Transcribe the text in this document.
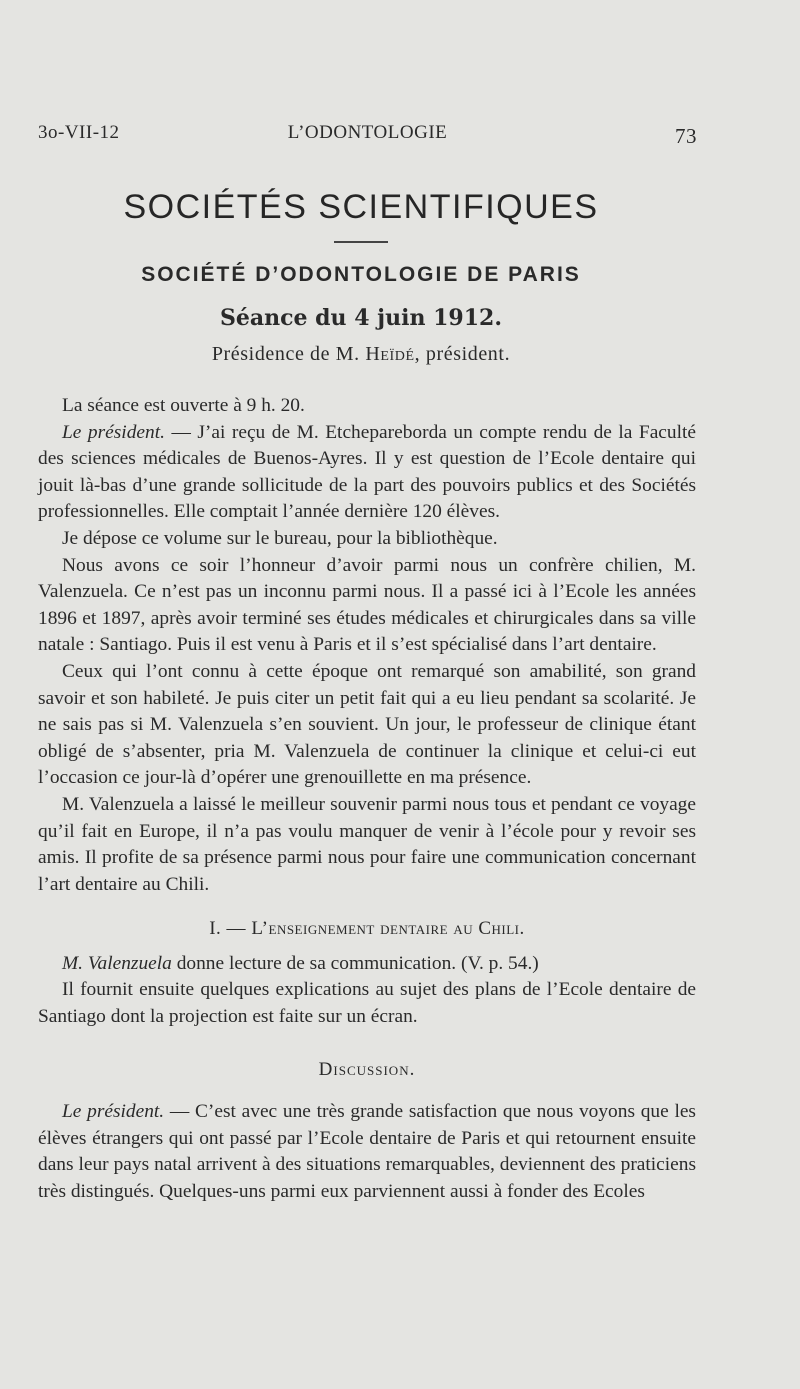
3o-VII-12	L’ODONTOLOGIE	73
SOCIÉTÉS SCIENTIFIQUES
SOCIÉTÉ D’ODONTOLOGIE DE PARIS
Séance du 4 juin 1912.
Présidence de M. Heïdé, président.

La séance est ouverte à 9 h. 20.

Le président. — J’ai reçu de M. Etchepareborda un compte rendu de la Faculté des sciences médicales de Buenos-Ayres. Il y est question de l’Ecole dentaire qui jouit là-bas d’une grande sollicitude de la part des pouvoirs publics et des Sociétés professionnelles. Elle comptait l’année dernière 120 élèves.

Je dépose ce volume sur le bureau, pour la bibliothèque.

Nous avons ce soir l’honneur d’avoir parmi nous un confrère chilien, M. Valenzuela. Ce n’est pas un inconnu parmi nous. Il a passé ici à l’Ecole les années 1896 et 1897, après avoir terminé ses études médicales et chirurgicales dans sa ville natale : Santiago. Puis il est venu à Paris et il s’est spécialisé dans l’art dentaire.

Ceux qui l’ont connu à cette époque ont remarqué son amabilité, son grand savoir et son habileté. Je puis citer un petit fait qui a eu lieu pendant sa scolarité. Je ne sais pas si M. Valenzuela s’en souvient. Un jour, le professeur de clinique étant obligé de s’absenter, pria M. Valenzuela de continuer la clinique et celui-ci eut l’occasion ce jour-là d’opérer une grenouillette en ma présence.

M. Valenzuela a laissé le meilleur souvenir parmi nous tous et pendant ce voyage qu’il fait en Europe, il n’a pas voulu manquer de venir à l’école pour y revoir ses amis. Il profite de sa présence parmi nous pour faire une communication concernant l’art dentaire au Chili.

I. — L’enseignement dentaire au Chili.

M. Valenzuela donne lecture de sa communication. (V. p. 54.)

Il fournit ensuite quelques explications au sujet des plans de l’Ecole dentaire de Santiago dont la projection est faite sur un écran.

Discussion.

Le président. — C’est avec une très grande satisfaction que nous voyons que les élèves étrangers qui ont passé par l’Ecole dentaire de Paris et qui retournent ensuite dans leur pays natal arrivent à des situations remarquables, deviennent des praticiens très distingués. Quelques-uns parmi eux parviennent aussi à fonder des Ecoles
